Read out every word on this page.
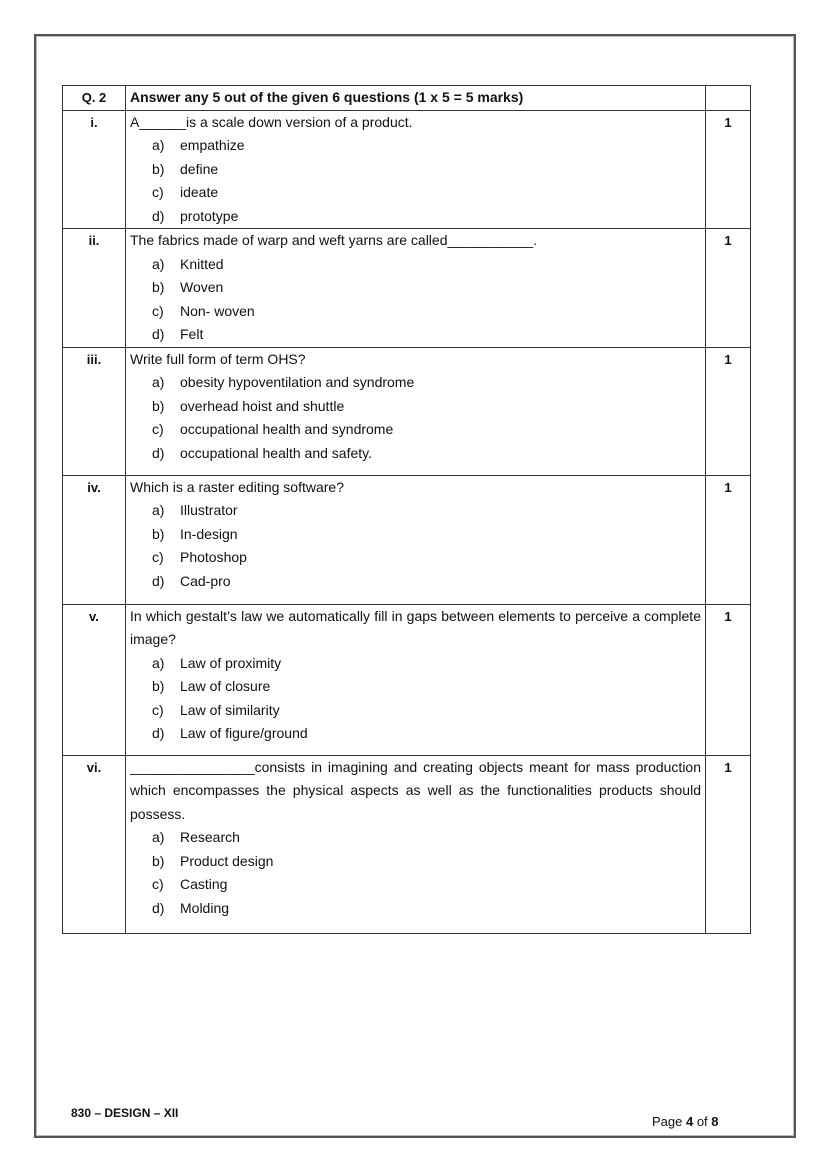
Q. 2	Answer any 5 out of the given 6 questions (1 x 5 = 5 marks)	
i.	A______is a scale down version of a product.
a) empathize
b) define
c) ideate
d) prototype	1
ii.	The fabrics made of warp and weft yarns are called___________.
a) Knitted
b) Woven
c) Non- woven
d) Felt	1
iii.	Write full form of term OHS?
a) obesity hypoventilation and syndrome
b) overhead hoist and shuttle
c) occupational health and syndrome
d) occupational health and safety.	1
iv.	Which is a raster editing software?
a) Illustrator
b) In-design
c) Photoshop
d) Cad-pro	1
v.	In which gestalt’s law we automatically fill in gaps between elements to perceive a complete image?
a) Law of proximity
b) Law of closure
c) Law of similarity
d) Law of figure/ground	1
vi.	________________consists in imagining and creating objects meant for mass production which encompasses the physical aspects as well as the functionalities products should possess.
a) Research
b) Product design
c) Casting
d) Molding	1
830 – DESIGN – XII
Page 4 of 8
